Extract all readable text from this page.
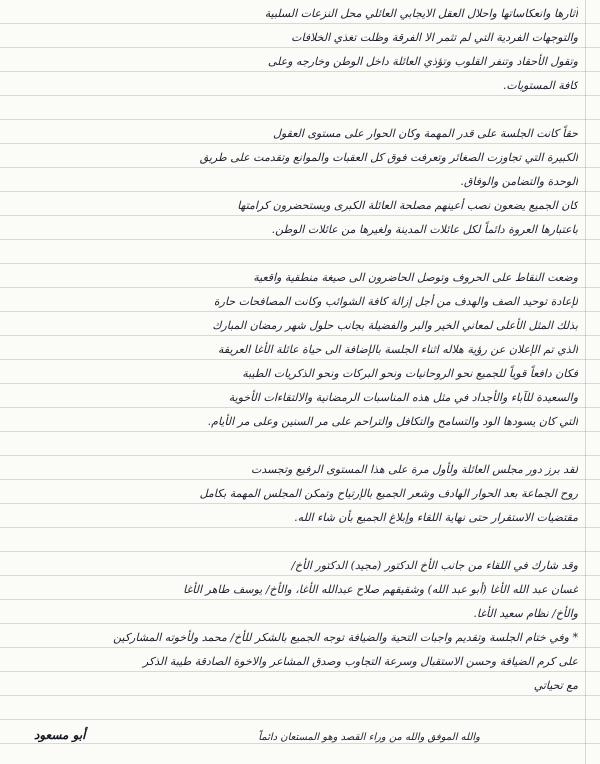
آثارها وانعكاساتها واحلال العقل الايجابي العائلي محل النزعات السلبية
والتوجهات الفردية التي لم تثمر الا الفرقة وظلت تغذي الخلافات
وتقول الأحقاد وتنفر القلوب وتؤذي العائلة داخل الوطن وخارجه وعلى
كافة المستويات.
حقاً كانت الجلسة على قدر المهمة وكان الحوار على مستوى العقول
الكبيرة التي تجاوزت الصغائر وتعرفت فوق كل العقبات والموانع وتقدمت على طريق
الوحدة والتضامن والوفاق.
كان الجميع يضعون نصب أعينهم مصلحة العائلة الكبرى ويستحضرون كرامتها
باعتبارها العروة دائماً لكل عائلات المدينة ولغيرها من عائلات الوطن.
وضعت النقاط على الحروف وتوصل الحاضرون الى صيغة منطقية واقعية
لإعادة توحيد الصف والهدف من أجل إزالة كافة الشوائب وكانت المصافحات حارة
بذلك المثل الأعلى لمعاني الخير والبر والفضيلة بجانب حلول شهر رمضان المبارك
الذي تم الإعلان عن رؤية هلاله اثناء الجلسة بالإضافة الى حياة عائلة الأغا العريقة
فكان دافعاً قوياً للجميع نحو الروحانيات ونحو البركات ونحو الذكريات الطيبة
والسعيدة للآباء والأجداد في مثل هذه المناسبات الرمضانية والالتقاءات الأخوية
التي كان يسودها الود والتسامح والتكافل والتراحم على مر السنين وعلى مر الأيام.
لقد برز دور مجلس العائلة ولأول مرة على هذا المستوى الرفيع وتجسدت
روح الجماعة بعد الحوار الهادف وشعر الجميع بالإرتياح وتمكن المجلس المهمة بكامل
مقتضيات الاستقرار حتى نهاية اللقاء وإبلاغ الجميع بأن شاء الله.
وقد شارك في اللقاء من جانب الأخ الدكتور (مجيد) الدكتور الأخ/
غسان عبد الله الأغا (أبو عبد الله) وشقيقهم صلاح عبدالله الأغا، والأخ/ يوسف طاهر الأغا
والأخ/ نظام سعيد الأغا.
* وفي ختام الجلسة وتقديم واجبات التحية والضيافة توجه الجميع بالشكر للأخ/ محمد ولأخوته المشاركين
على كرم الضيافة وحسن الاستقبال وسرعة التجاوب وصدق المشاعر والاخوة الصادقة طيبة الذكر
مع تحياتي
والله الموفق والله من وراء القصد وهو المستعان دائماً
أبو مسعود
